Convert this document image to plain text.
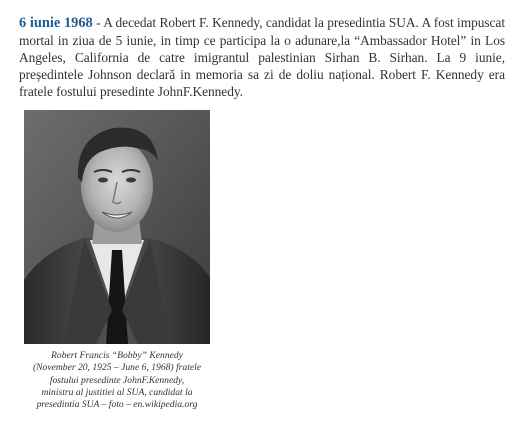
6 iunie 1968 - A decedat Robert F. Kennedy, candidat la presedintia SUA. A fost impuscat mortal in ziua de 5 iunie, in timp ce participa la o adunare,la “Ambassador Hotel” in Los Angeles, California de catre imigrantul palestinian Sirhan B. Sirhan. La 9 iunie, președintele Johnson declară in memoria sa zi de doliu național. Robert F. Kennedy era fratele fostului presedinte JohnF.Kennedy.
Robert Francis “Bobby” Kennedy
(November 20, 1925 – June 6, 1968) fratele
fostului presedinte JohnF.Kennedy,
ministru al justitiei al SUA, candidat la
presedintia SUA – foto – en.wikipedia.org
